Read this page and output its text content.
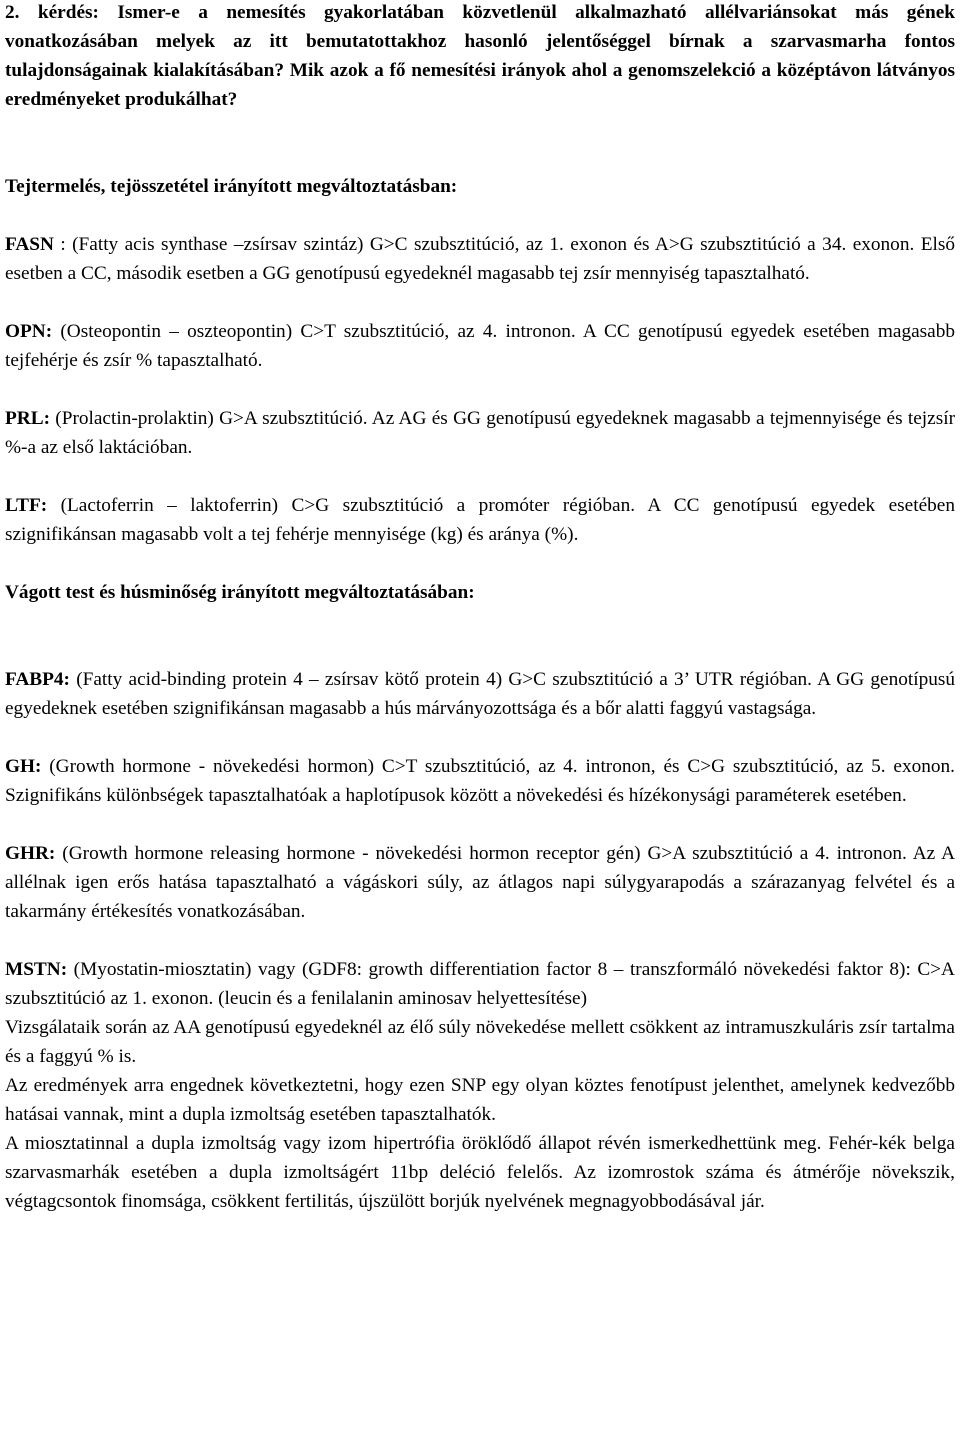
2. kérdés: Ismer-e a nemesítés gyakorlatában közvetlenül alkalmazható allélvariánsokat más gének vonatkozásában melyek az itt bemutatottakhoz hasonló jelentőséggel bírnak a szarvasmarha fontos tulajdonságainak kialakításában? Mik azok a fő nemesítési irányok ahol a genomszelekció a középtávon látványos eredményeket produkálhat?

Tejtermelés, tejösszetétel irányított megváltoztatásban:

FASN : (Fatty acis synthase –zsírsav szintáz) G>C szubsztitúció, az 1. exonon és A>G szubsztitúció a 34. exonon. Első esetben a CC, második esetben a GG genotípusú egyedeknél magasabb tej zsír mennyiség tapasztalható.

OPN: (Osteopontin – oszteopontin) C>T szubsztitúció, az 4. intronon. A CC genotípusú egyedek esetében magasabb tejfehérje és zsír % tapasztalható.

PRL: (Prolactin-prolaktin) G>A szubsztitúció. Az AG és GG genotípusú egyedeknek magasabb a tejmennyisége és tejzsír %-a az első laktációban.

LTF: (Lactoferrin – laktoferrin) C>G szubsztitúció a promóter régióban. A CC genotípusú egyedek esetében szignifikánsan magasabb volt a tej fehérje mennyisége (kg) és aránya (%).

Vágott test és húsminőség irányított megváltoztatásában:

FABP4: (Fatty acid-binding protein 4 – zsírsav kötő protein 4) G>C szubsztitúció a 3’ UTR régióban. A GG genotípusú egyedeknek esetében szignifikánsan magasabb a hús márványozottsága és a bőr alatti faggyú vastagsága.

GH: (Growth hormone - növekedési hormon) C>T szubsztitúció, az 4. intronon, és C>G szubsztitúció, az 5. exonon. Szignifikáns különbségek tapasztalhatóak a haplotípusok között a növekedési és hízékonysági paraméterek esetében.

GHR: (Growth hormone releasing hormone - növekedési hormon receptor gén) G>A szubsztitúció a 4. intronon. Az A allélnak igen erős hatása tapasztalható a vágáskori súly, az átlagos napi súlygyarapodás a szárazanyag felvétel és a takarmány értékesítés vonatkozásában.

MSTN: (Myostatin-miosztatin) vagy (GDF8: growth differentiation factor 8 – transzformáló növekedési faktor 8): C>A szubsztitúció az 1. exonon. (leucin és a fenilalanin aminosav helyettesítése)

Vizsgálataik során az AA genotípusú egyedeknél az élő súly növekedése mellett csökkent az intramuszkuláris zsír tartalma és a faggyú % is.

Az eredmények arra engednek következtetni, hogy ezen SNP egy olyan köztes fenotípust jelenthet, amelynek kedvezőbb hatásai vannak, mint a dupla izmoltság esetében tapasztalhatók.

A miosztatinnal a dupla izmoltság vagy izom hipertrófia öröklődő állapot révén ismerkedhettünk meg. Fehér-kék belga szarvasmarhák esetében a dupla izmoltságért 11bp deléció felelős. Az izomrostok száma és átmérője növekszik, végtagcsontok finomsága, csökkent fertilitás, újszülött borjúk nyelvének megnagyobbodásával jár.
